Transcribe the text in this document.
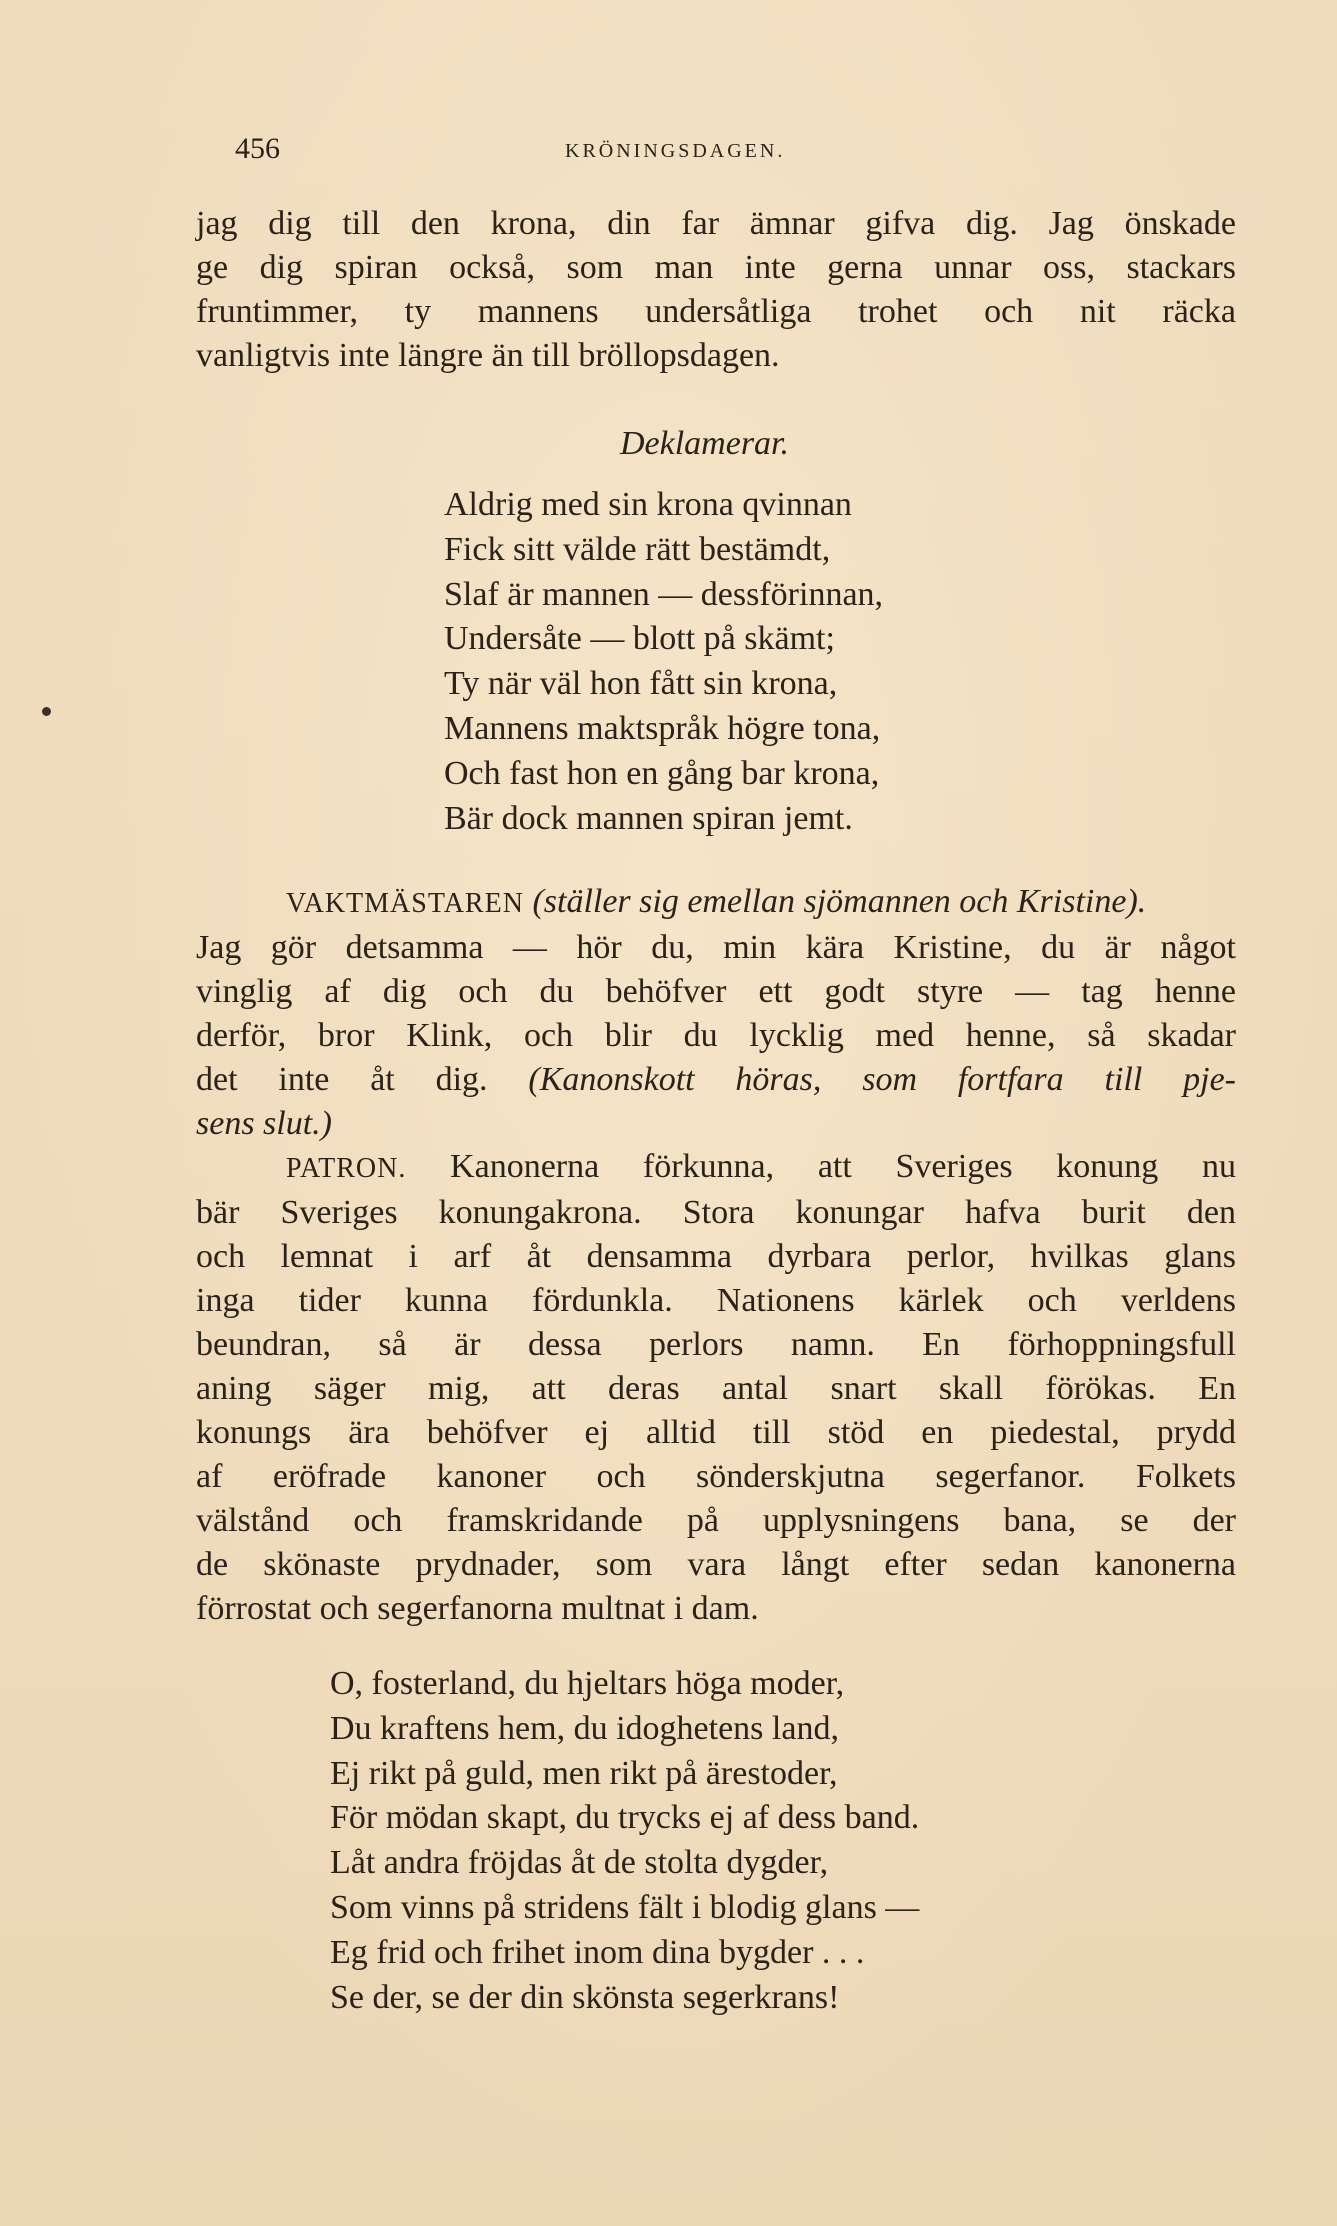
456	KRÖNINGSDAGEN.
jag dig till den krona, din far ämnar gifva dig. Jag önskade
ge dig spiran också, som man inte gerna unnar oss, stackars
fruntimmer, ty mannens undersåtliga trohet och nit räcka
vanligtvis inte längre än till bröllopsdagen.
Deklamerar.
Aldrig med sin krona qvinnan
Fick sitt välde rätt bestämdt,
Slaf är mannen — dessförinnan,
Undersåte — blott på skämt;
Ty när väl hon fått sin krona,
Mannens maktspråk högre tona,
Och fast hon en gång bar krona,
Bär dock mannen spiran jemt.
VAKTMÄSTAREN (ställer sig emellan sjömannen och Kristine).
Jag gör detsamma — hör du, min kära Kristine, du är något
vinglig af dig och du behöfver ett godt styre — tag henne
derför, bror Klink, och blir du lycklig med henne, så skadar
det inte åt dig. (Kanonskott höras, som fortfara till pje-
sens slut.)
PATRON. Kanonerna förkunna, att Sveriges konung nu
bär Sveriges konungakrona. Stora konungar hafva burit den
och lemnat i arf åt densamma dyrbara perlor, hvilkas glans
inga tider kunna fördunkla. Nationens kärlek och verldens
beundran, så är dessa perlors namn. En förhoppningsfull
aning säger mig, att deras antal snart skall förökas. En
konungs ära behöfver ej alltid till stöd en piedestal, prydd
af eröfrade kanoner och sönderskjutna segerfanor. Folkets
välstånd och framskridande på upplysningens bana, se der
de skönaste prydnader, som vara långt efter sedan kanonerna
förrostat och segerfanorna multnat i dam.
O, fosterland, du hjeltars höga moder,
Du kraftens hem, du idoghetens land,
Ej rikt på guld, men rikt på ärestoder,
För mödan skapt, du trycks ej af dess band.
Låt andra fröjdas åt de stolta dygder,
Som vinns på stridens fält i blodig glans —
Eg frid och frihet inom dina bygder . . .
Se der, se der din skönsta segerkrans!
